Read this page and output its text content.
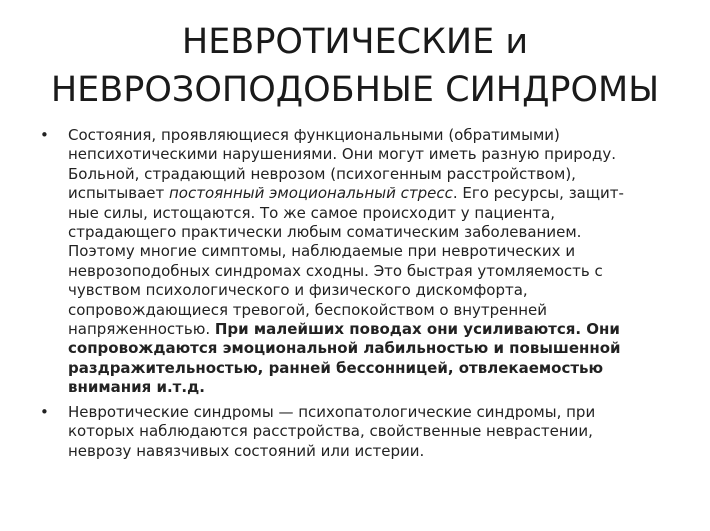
НЕВРОТИЧЕСКИЕ и
НЕВРОЗОПОДОБНЫЕ СИНДРОМЫ
• Состояния, проявляющиеся функциональными (обратимыми)
непсихотическими нарушениями. Они могут иметь разную природу.
Больной, страдающий неврозом (психогенным расстройством),
испытывает постоянный эмоциональный стресс. Его ресурсы, защит-
ные силы, истощаются. То же самое происходит у пациента,
страдающего практически любым соматическим заболеванием.
Поэтому многие симптомы, наблюдаемые при невротических и
неврозоподобных синдромах сходны. Это быстрая утомляемость с
чувством психологического и физического дискомфорта,
сопровождающиеся тревогой, беспокойством о внутренней
напряженностью. При малейших поводах они усиливаются. Они
сопровождаются эмоциональной лабильностью и повышенной
раздражительностью, ранней бессонницей, отвлекаемостью
внимания и.т.д.
• Невротические синдромы — психопатологические синдромы, при
которых наблюдаются расстройства, свойственные неврастении,
неврозу навязчивых состояний или истерии.
